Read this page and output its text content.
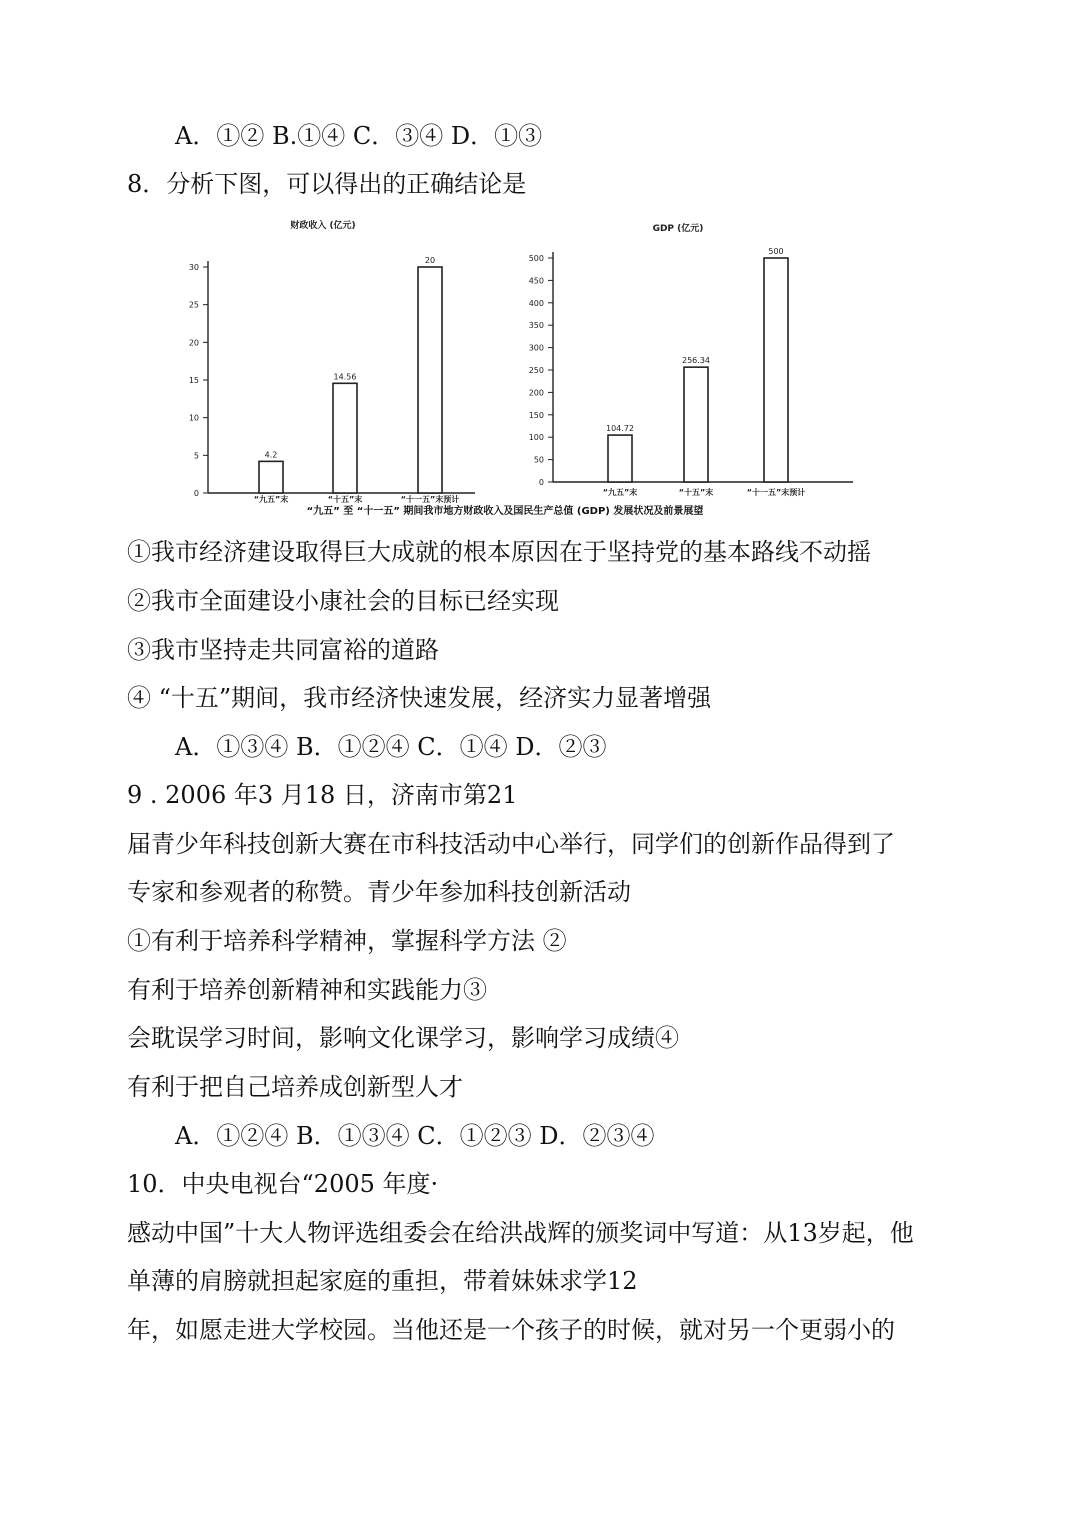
A．①② B.①④ C．③④ D．①③
8．分析下图，可以得出的正确结论是
财政收入 (亿元)
0
5
10
15
20
25
30
4.2
“九五”末
14.56
“十五”末
20
“十一五”末预计
GDP (亿元)
0
50
100
150
200
250
300
350
400
450
500
104.72
“九五”末
256.34
“十五”末
500
“十一五”末预计
“九五” 至 “十一五” 期间我市地方财政收入及国民生产总值 (GDP) 发展状况及前景展望
①我市经济建设取得巨大成就的根本原因在于坚持党的基本路线不动摇
②我市全面建设小康社会的目标已经实现
③我市坚持走共同富裕的道路
④ “十五”期间，我市经济快速发展，经济实力显著增强
A．①③④ B．①②④ C．①④ D．②③
9 . 2006 年3 月18 日，济南市第21
届青少年科技创新大赛在市科技活动中心举行，同学们的创新作品得到了
专家和参观者的称赞。青少年参加科技创新活动
①有利于培养科学精神，掌握科学方法 ②
有利于培养创新精神和实践能力③
会耽误学习时间，影响文化课学习，影响学习成绩④
有利于把自己培养成创新型人才
A．①②④ B．①③④ C．①②③ D．②③④
10．中央电视台“2005 年度·
感动中国”十大人物评选组委会在给洪战辉的颁奖词中写道：从13岁起，他
单薄的肩膀就担起家庭的重担，带着妹妹求学12
年，如愿走进大学校园。当他还是一个孩子的时候，就对另一个更弱小的
